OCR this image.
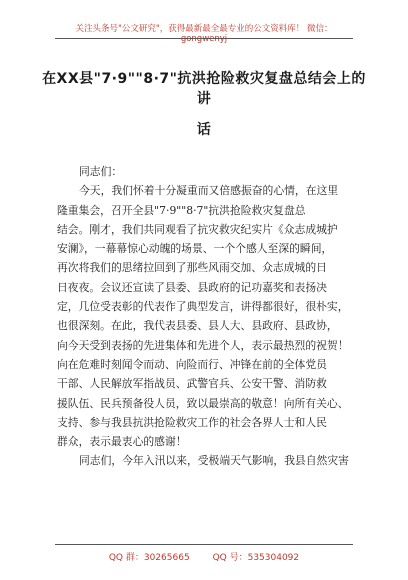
关注头条号"公文研究"，获得最新最全最专业的公文资料库！ 微信：gongwenyj
在XX县"7·9""8·7"抗洪抢险救灾复盘总结会上的讲
话

同志们：

今天，我们怀着十分凝重而又倍感振奋的心情，在这里
隆重集会，召开全县"7·9""8·7"抗洪抢险救灾复盘总
结会。刚才，我们共同观看了抗灾救灾纪实片《众志成城护
安澜》，一幕幕惊心动魄的场景、一个个感人至深的瞬间，
再次将我们的思绪拉回到了那些风雨交加、众志成城的日
日夜夜。会议还宣读了县委、县政府的记功嘉奖和表扬决
定，几位受表彰的代表作了典型发言，讲得都很好，很朴实，
也很深刻。在此，我代表县委、县人大、县政府、县政协，
向今天受到表扬的先进集体和先进个人，表示最热烈的祝贺！
向在危难时刻闻令而动、向险而行、冲锋在前的全体党员
干部、人民解放军指战员、武警官兵、公安干警、消防救
援队伍、民兵预备役人员，致以最崇高的敬意！向所有关心、
支持、参与我县抗洪抢险救灾工作的社会各界人士和人民
群众，表示最衷心的感谢！

同志们，今年入汛以来，受极端天气影响，我县自然灾害

QQ 群：30265665	QQ 号：535304092
